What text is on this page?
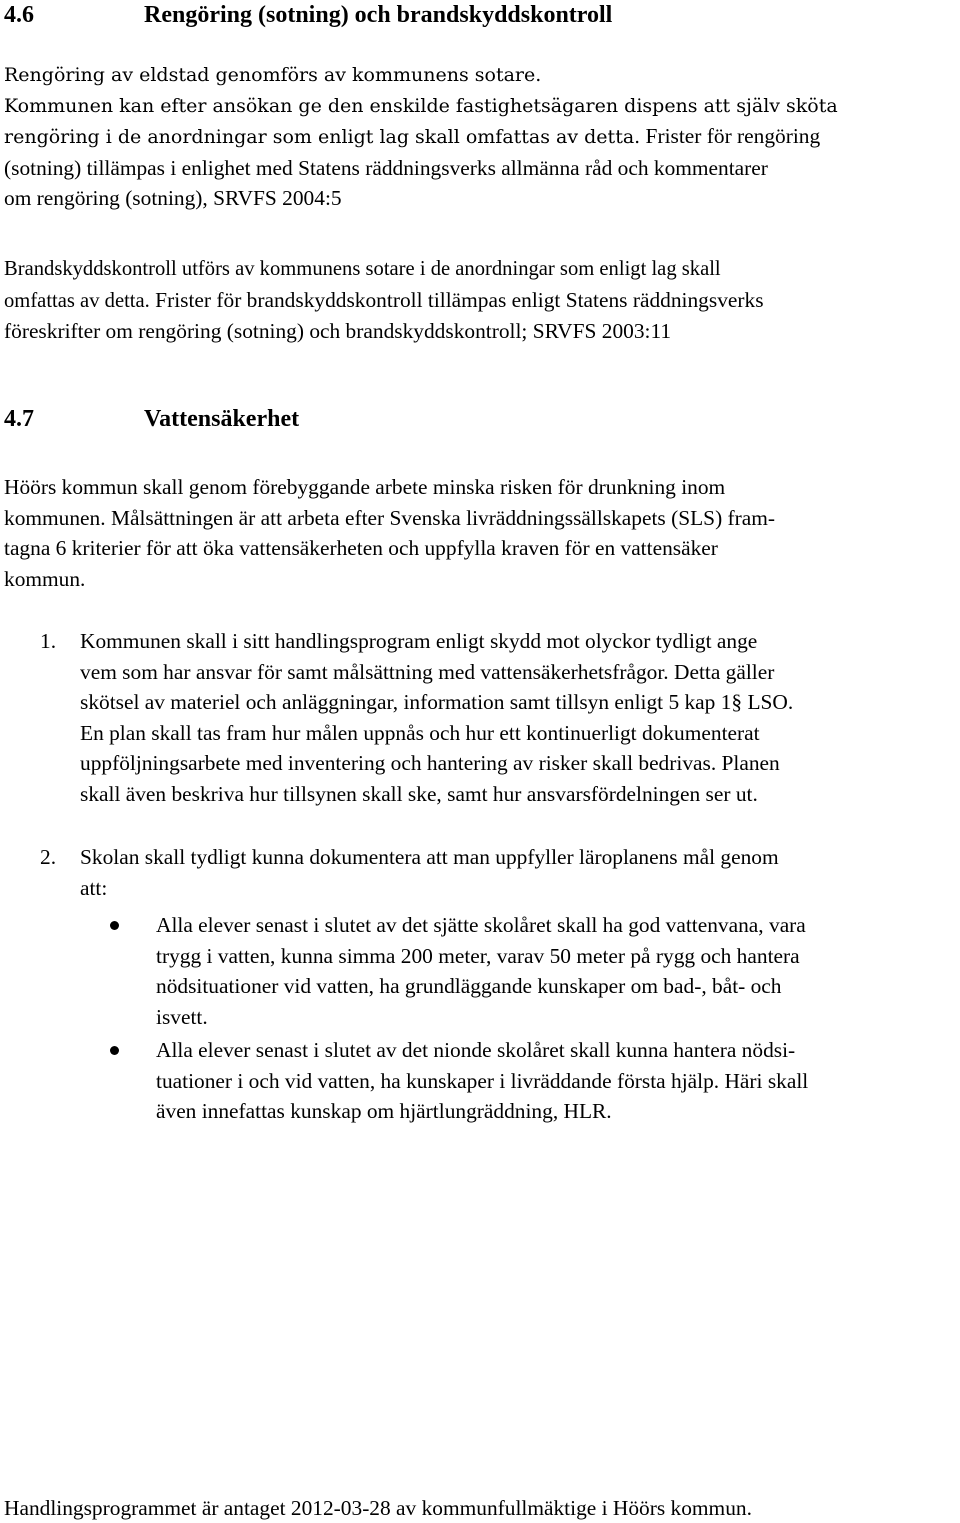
4.6	Rengöring (sotning) och brandskyddskontroll
Rengöring av eldstad genomförs av kommunens sotare.
Kommunen kan efter ansökan ge den enskilde fastighetsägaren dispens att själv sköta
rengöring i de anordningar som enligt lag skall omfattas av detta. Frister för rengöring
(sotning) tillämpas i enlighet med Statens räddningsverks allmänna råd och kommentarer
om rengöring (sotning), SRVFS 2004:5
Brandskyddskontroll utförs av kommunens sotare i de anordningar som enligt lag skall
omfattas av detta. Frister för brandskyddskontroll tillämpas enligt Statens räddningsverks
föreskrifter om rengöring (sotning) och brandskyddskontroll; SRVFS 2003:11
4.7	Vattensäkerhet
Höörs kommun skall genom förebyggande arbete minska risken för drunkning inom
kommunen. Målsättningen är att arbeta efter Svenska livräddningssällskapets (SLS) fram-
tagna 6 kriterier för att öka vattensäkerheten och uppfylla kraven för en vattensäker
kommun.
1. Kommunen skall i sitt handlingsprogram enligt skydd mot olyckor tydligt ange
vem som har ansvar för samt målsättning med vattensäkerhetsfrågor. Detta gäller
skötsel av materiel och anläggningar, information samt tillsyn enligt 5 kap 1§ LSO.
En plan skall tas fram hur målen uppnås och hur ett kontinuerligt dokumenterat
uppföljningsarbete med inventering och hantering av risker skall bedrivas. Planen
skall även beskriva hur tillsynen skall ske, samt hur ansvarsfördelningen ser ut.
2. Skolan skall tydligt kunna dokumentera att man uppfyller läroplanens mål genom
att:
Alla elever senast i slutet av det sjätte skolåret skall ha god vattenvana, vara
trygg i vatten, kunna simma 200 meter, varav 50 meter på rygg och hantera
nödsituationer vid vatten, ha grundläggande kunskaper om bad-, båt- och
isvett.
Alla elever senast i slutet av det nionde skolåret skall kunna hantera nödsi-
tuationer i och vid vatten, ha kunskaper i livräddande första hjälp. Häri skall
även innefattas kunskap om hjärtlungräddning, HLR.
Handlingsprogrammet är antaget 2012-03-28 av kommunfullmäktige i Höörs kommun.
